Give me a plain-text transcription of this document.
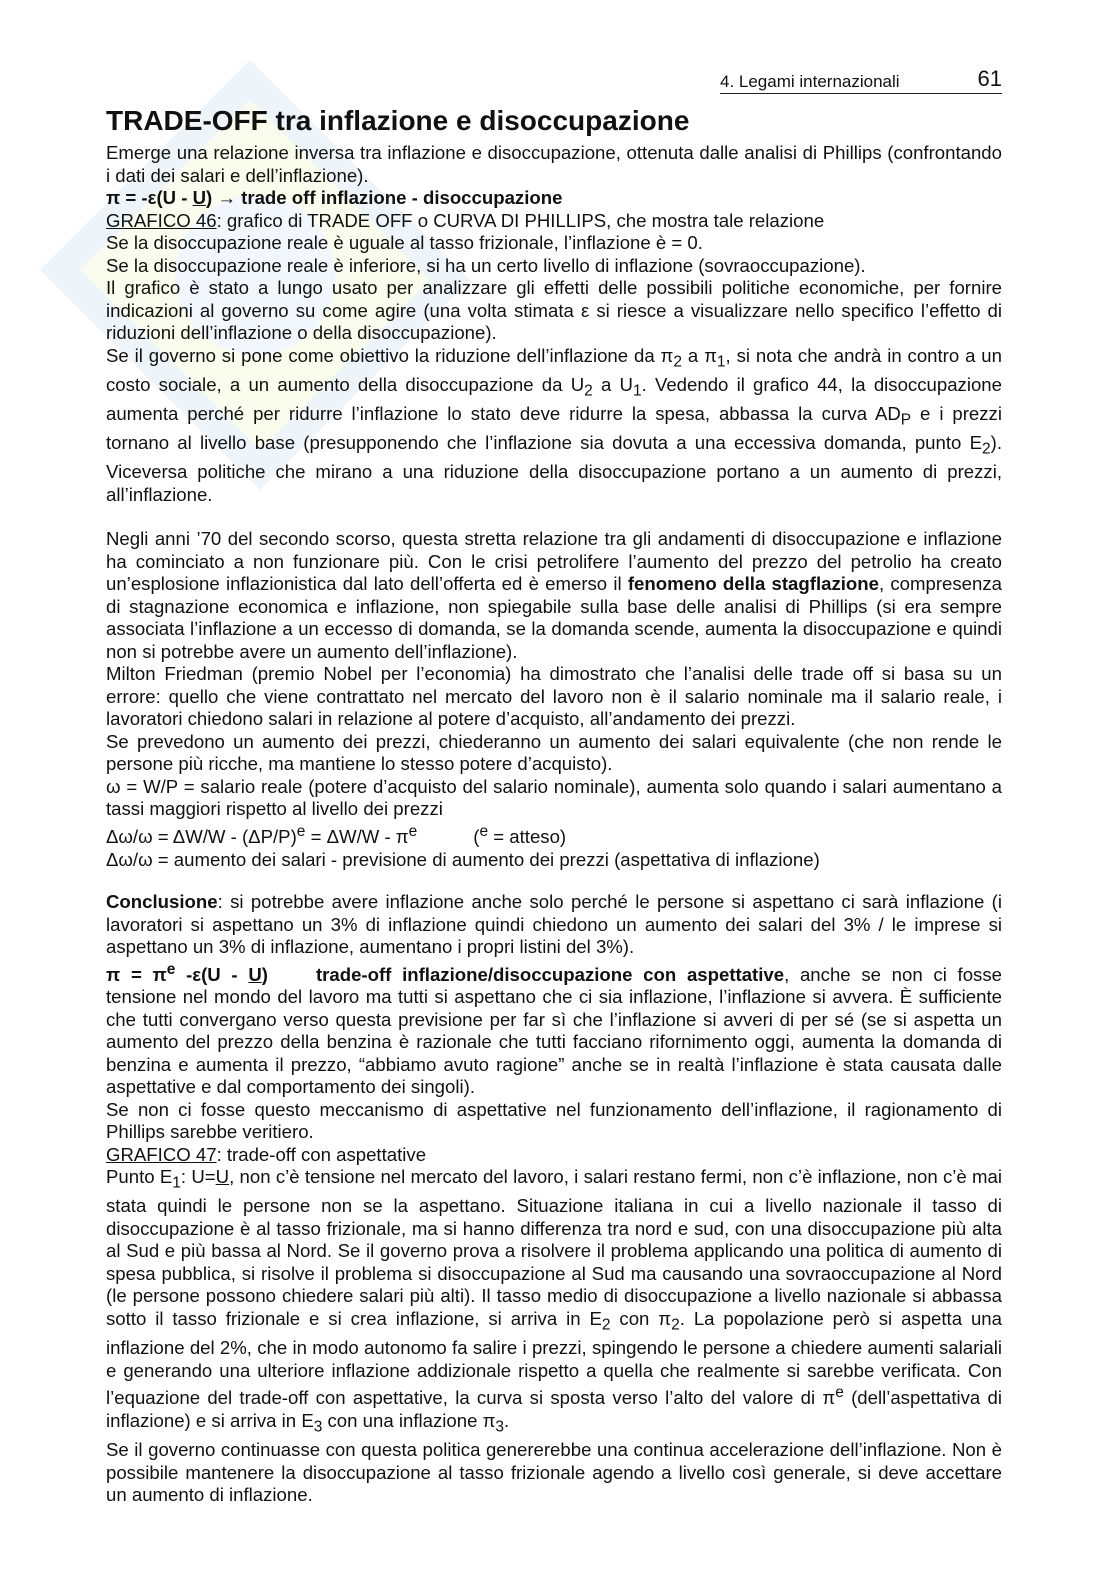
4. Legami internazionali	61
TRADE-OFF tra inflazione e disoccupazione

Emerge una relazione inversa tra inflazione e disoccupazione, ottenuta dalle analisi di Phillips (confrontando i dati dei salari e dell’inflazione).

π = -ε(U - U) → trade off inflazione - disoccupazione

GRAFICO 46: grafico di TRADE OFF o CURVA DI PHILLIPS, che mostra tale relazione

Se la disoccupazione reale è uguale al tasso frizionale, l’inflazione è = 0.

Se la disoccupazione reale è inferiore, si ha un certo livello di inflazione (sovraoccupazione).

Il grafico è stato a lungo usato per analizzare gli effetti delle possibili politiche economiche, per fornire indicazioni al governo su come agire (una volta stimata ε si riesce a visualizzare nello specifico l’effetto di riduzioni dell’inflazione o della disoccupazione).

Se il governo si pone come obiettivo la riduzione dell’inflazione da $\pi_2$ a $\pi_1$, si nota che andrà in contro a un costo sociale, a un aumento della disoccupazione da $U_2$ a $U_1$. Vedendo il grafico 44, la disoccupazione aumenta perché per ridurre l’inflazione lo stato deve ridurre la spesa, abbassa la curva $AD_P$ e i prezzi tornano al livello base (presupponendo che l’inflazione sia dovuta a una eccessiva domanda, punto $E_2$). Viceversa politiche che mirano a una riduzione della disoccupazione portano a un aumento di prezzi, all’inflazione.

Negli anni ’70 del secondo scorso, questa stretta relazione tra gli andamenti di disoccupazione e inflazione ha cominciato a non funzionare più. Con le crisi petrolifere l’aumento del prezzo del petrolio ha creato un’esplosione inflazionistica dal lato dell’offerta ed è emerso il fenomeno della stagflazione, compresenza di stagnazione economica e inflazione, non spiegabile sulla base delle analisi di Phillips (si era sempre associata l’inflazione a un eccesso di domanda, se la domanda scende, aumenta la disoccupazione e quindi non si potrebbe avere un aumento dell’inflazione).

Milton Friedman (premio Nobel per l’economia) ha dimostrato che l’analisi delle trade off si basa su un errore: quello che viene contrattato nel mercato del lavoro non è il salario nominale ma il salario reale, i lavoratori chiedono salari in relazione al potere d’acquisto, all’andamento dei prezzi.

Se prevedono un aumento dei prezzi, chiederanno un aumento dei salari equivalente (che non rende le persone più ricche, ma mantiene lo stesso potere d’acquisto).

ω = W/P = salario reale (potere d’acquisto del salario nominale), aumenta solo quando i salari aumentano a tassi maggiori rispetto al livello dei prezzi

$\Delta\omega/\omega = \Delta W/W - (\Delta P/P)^e = \Delta W/W - \pi^e$	($^e$ = atteso)

Δω/ω = aumento dei salari - previsione di aumento dei prezzi (aspettativa di inflazione)

Conclusione: si potrebbe avere inflazione anche solo perché le persone si aspettano ci sarà inflazione (i lavoratori si aspettano un 3% di inflazione quindi chiedono un aumento dei salari del 3% / le imprese si aspettano un 3% di inflazione, aumentano i propri listini del 3%).

$\pi = \pi^e$ -ε(U - U)	trade-off inflazione/disoccupazione con aspettative, anche se non ci fosse tensione nel mondo del lavoro ma tutti si aspettano che ci sia inflazione, l’inflazione si avvera. È sufficiente che tutti convergano verso questa previsione per far sì che l’inflazione si avveri di per sé (se si aspetta un aumento del prezzo della benzina è razionale che tutti facciano rifornimento oggi, aumenta la domanda di benzina e aumenta il prezzo, “abbiamo avuto ragione” anche se in realtà l’inflazione è stata causata dalle aspettative e dal comportamento dei singoli).

Se non ci fosse questo meccanismo di aspettative nel funzionamento dell’inflazione, il ragionamento di Phillips sarebbe veritiero.

GRAFICO 47: trade-off con aspettative

Punto $E_1$: U=U, non c’è tensione nel mercato del lavoro, i salari restano fermi, non c’è inflazione, non c’è mai stata quindi le persone non se la aspettano. Situazione italiana in cui a livello nazionale il tasso di disoccupazione è al tasso frizionale, ma si hanno differenza tra nord e sud, con una disoccupazione più alta al Sud e più bassa al Nord. Se il governo prova a risolvere il problema applicando una politica di aumento di spesa pubblica, si risolve il problema si disoccupazione al Sud ma causando una sovraoccupazione al Nord (le persone possono chiedere salari più alti). Il tasso medio di disoccupazione a livello nazionale si abbassa sotto il tasso frizionale e si crea inflazione, si arriva in $E_2$ con $\pi_2$. La popolazione però si aspetta una inflazione del 2%, che in modo autonomo fa salire i prezzi, spingendo le persone a chiedere aumenti salariali e generando una ulteriore inflazione addizionale rispetto a quella che realmente si sarebbe verificata. Con l’equazione del trade-off con aspettative, la curva si sposta verso l’alto del valore di $\pi^e$ (dell’aspettativa di inflazione) e si arriva in $E_3$ con una inflazione $\pi_3$.

Se il governo continuasse con questa politica genererebbe una continua accelerazione dell’inflazione. Non è possibile mantenere la disoccupazione al tasso frizionale agendo a livello così generale, si deve accettare un aumento di inflazione.
